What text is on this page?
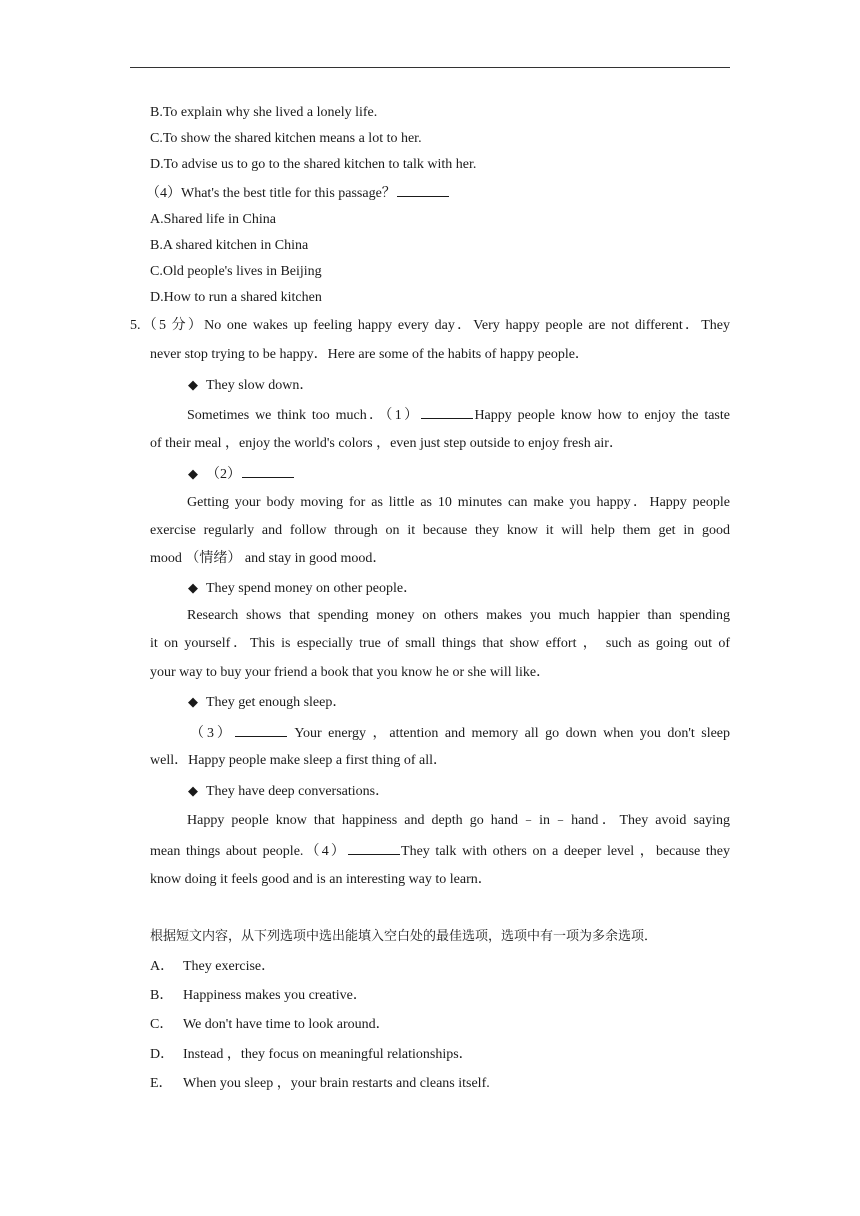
B.To explain why she lived a lonely life.
C.To show the shared kitchen means a lot to her.
D.To advise us to go to the shared kitchen to talk with her.
（4）What's the best title for this passage？
A.Shared life in China
B.A shared kitchen in China
C.Old people's lives in Beijing
D.How to run a shared kitchen
5.（5 分）No one wakes up feeling happy every day．Very happy people are not different．They
never stop trying to be happy．Here are some of the habits of happy people．
◆ They slow down．
Sometimes we think too much．（1）	Happy people know how to enjoy the taste
of their meal ，enjoy the world's colors ，even just step outside to enjoy fresh air．
◆ （2）
Getting your body moving for as little as 10 minutes can make you happy．Happy people
exercise regularly and follow through on it because they know it will help them get in good
mood （情绪） and stay in good mood．
◆ They spend money on other people．
Research shows that spending money on others makes you much happier than spending
it on yourself．This is especially true of small things that show effort ， such as going out of
your way to buy your friend a book that you know he or she will like．
◆ They get enough sleep．
（3）	Your energy ，attention and memory all go down when you don't sleep
well．Happy people make sleep a first thing of all．
◆ They have deep conversations．
Happy people know that happiness and depth go hand﹣in﹣hand．They avoid saying
mean things about people.（4）	They talk with others on a deeper level ，because they
know doing it feels good and is an interesting way to learn．
根据短文内容，从下列选项中选出能填入空白处的最佳选项，选项中有一项为多余选项．
A． They exercise．
B． Happiness makes you creative．
C． We don't have time to look around．
D． Instead ，they focus on meaningful relationships．
E． When you sleep ，your brain restarts and cleans itself.
